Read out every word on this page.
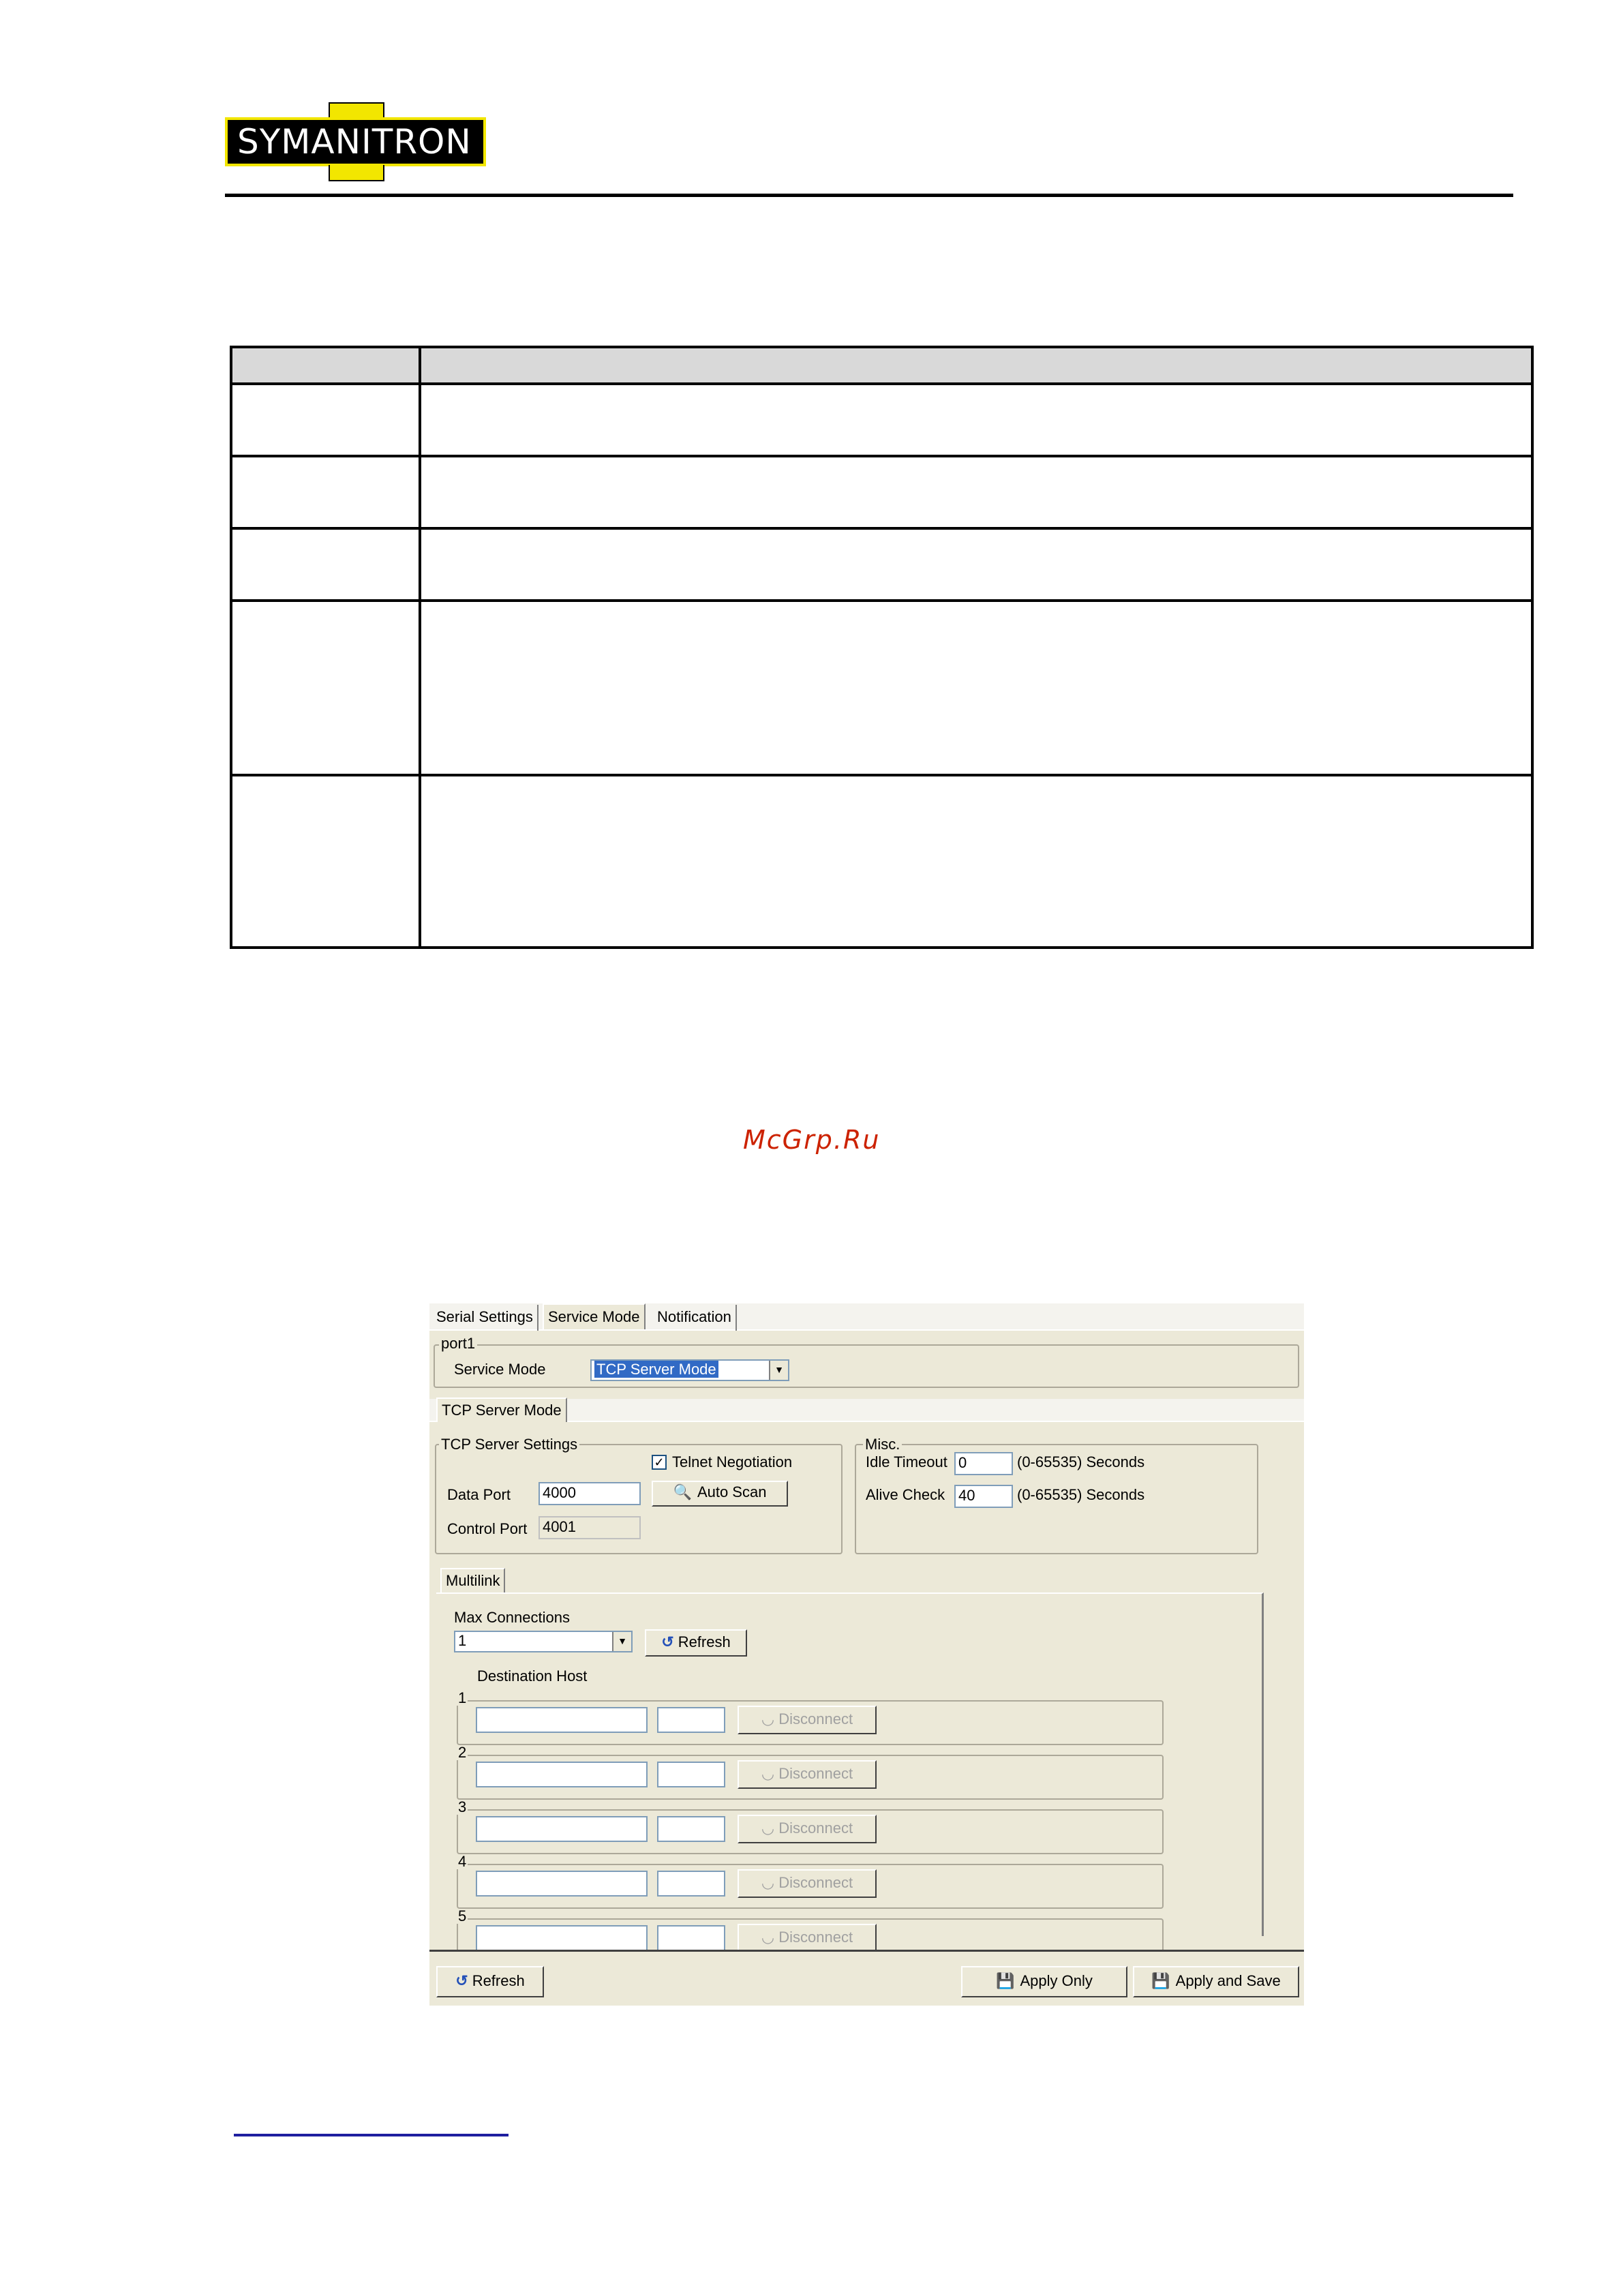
SYMANITRON
McGrp.Ru
Serial Settings	Service Mode	Notification
port1
Service Mode	TCP Server Mode	▼
TCP Server Mode
TCP Server Settings
✓ Telnet Negotiation
Data Port 4000	🔍 Auto Scan
Control Port 4001
Misc.
Idle Timeout 0	(0-65535) Seconds
Alive Check 40	(0-65535) Seconds
Multilink
Max Connections
1	▼	↺ Refresh
Destination Host
1
◡ Disconnect
2
◡ Disconnect
3
◡ Disconnect
4
◡ Disconnect
5
◡ Disconnect
↺ Refresh	💾 Apply Only	💾 Apply and Save
